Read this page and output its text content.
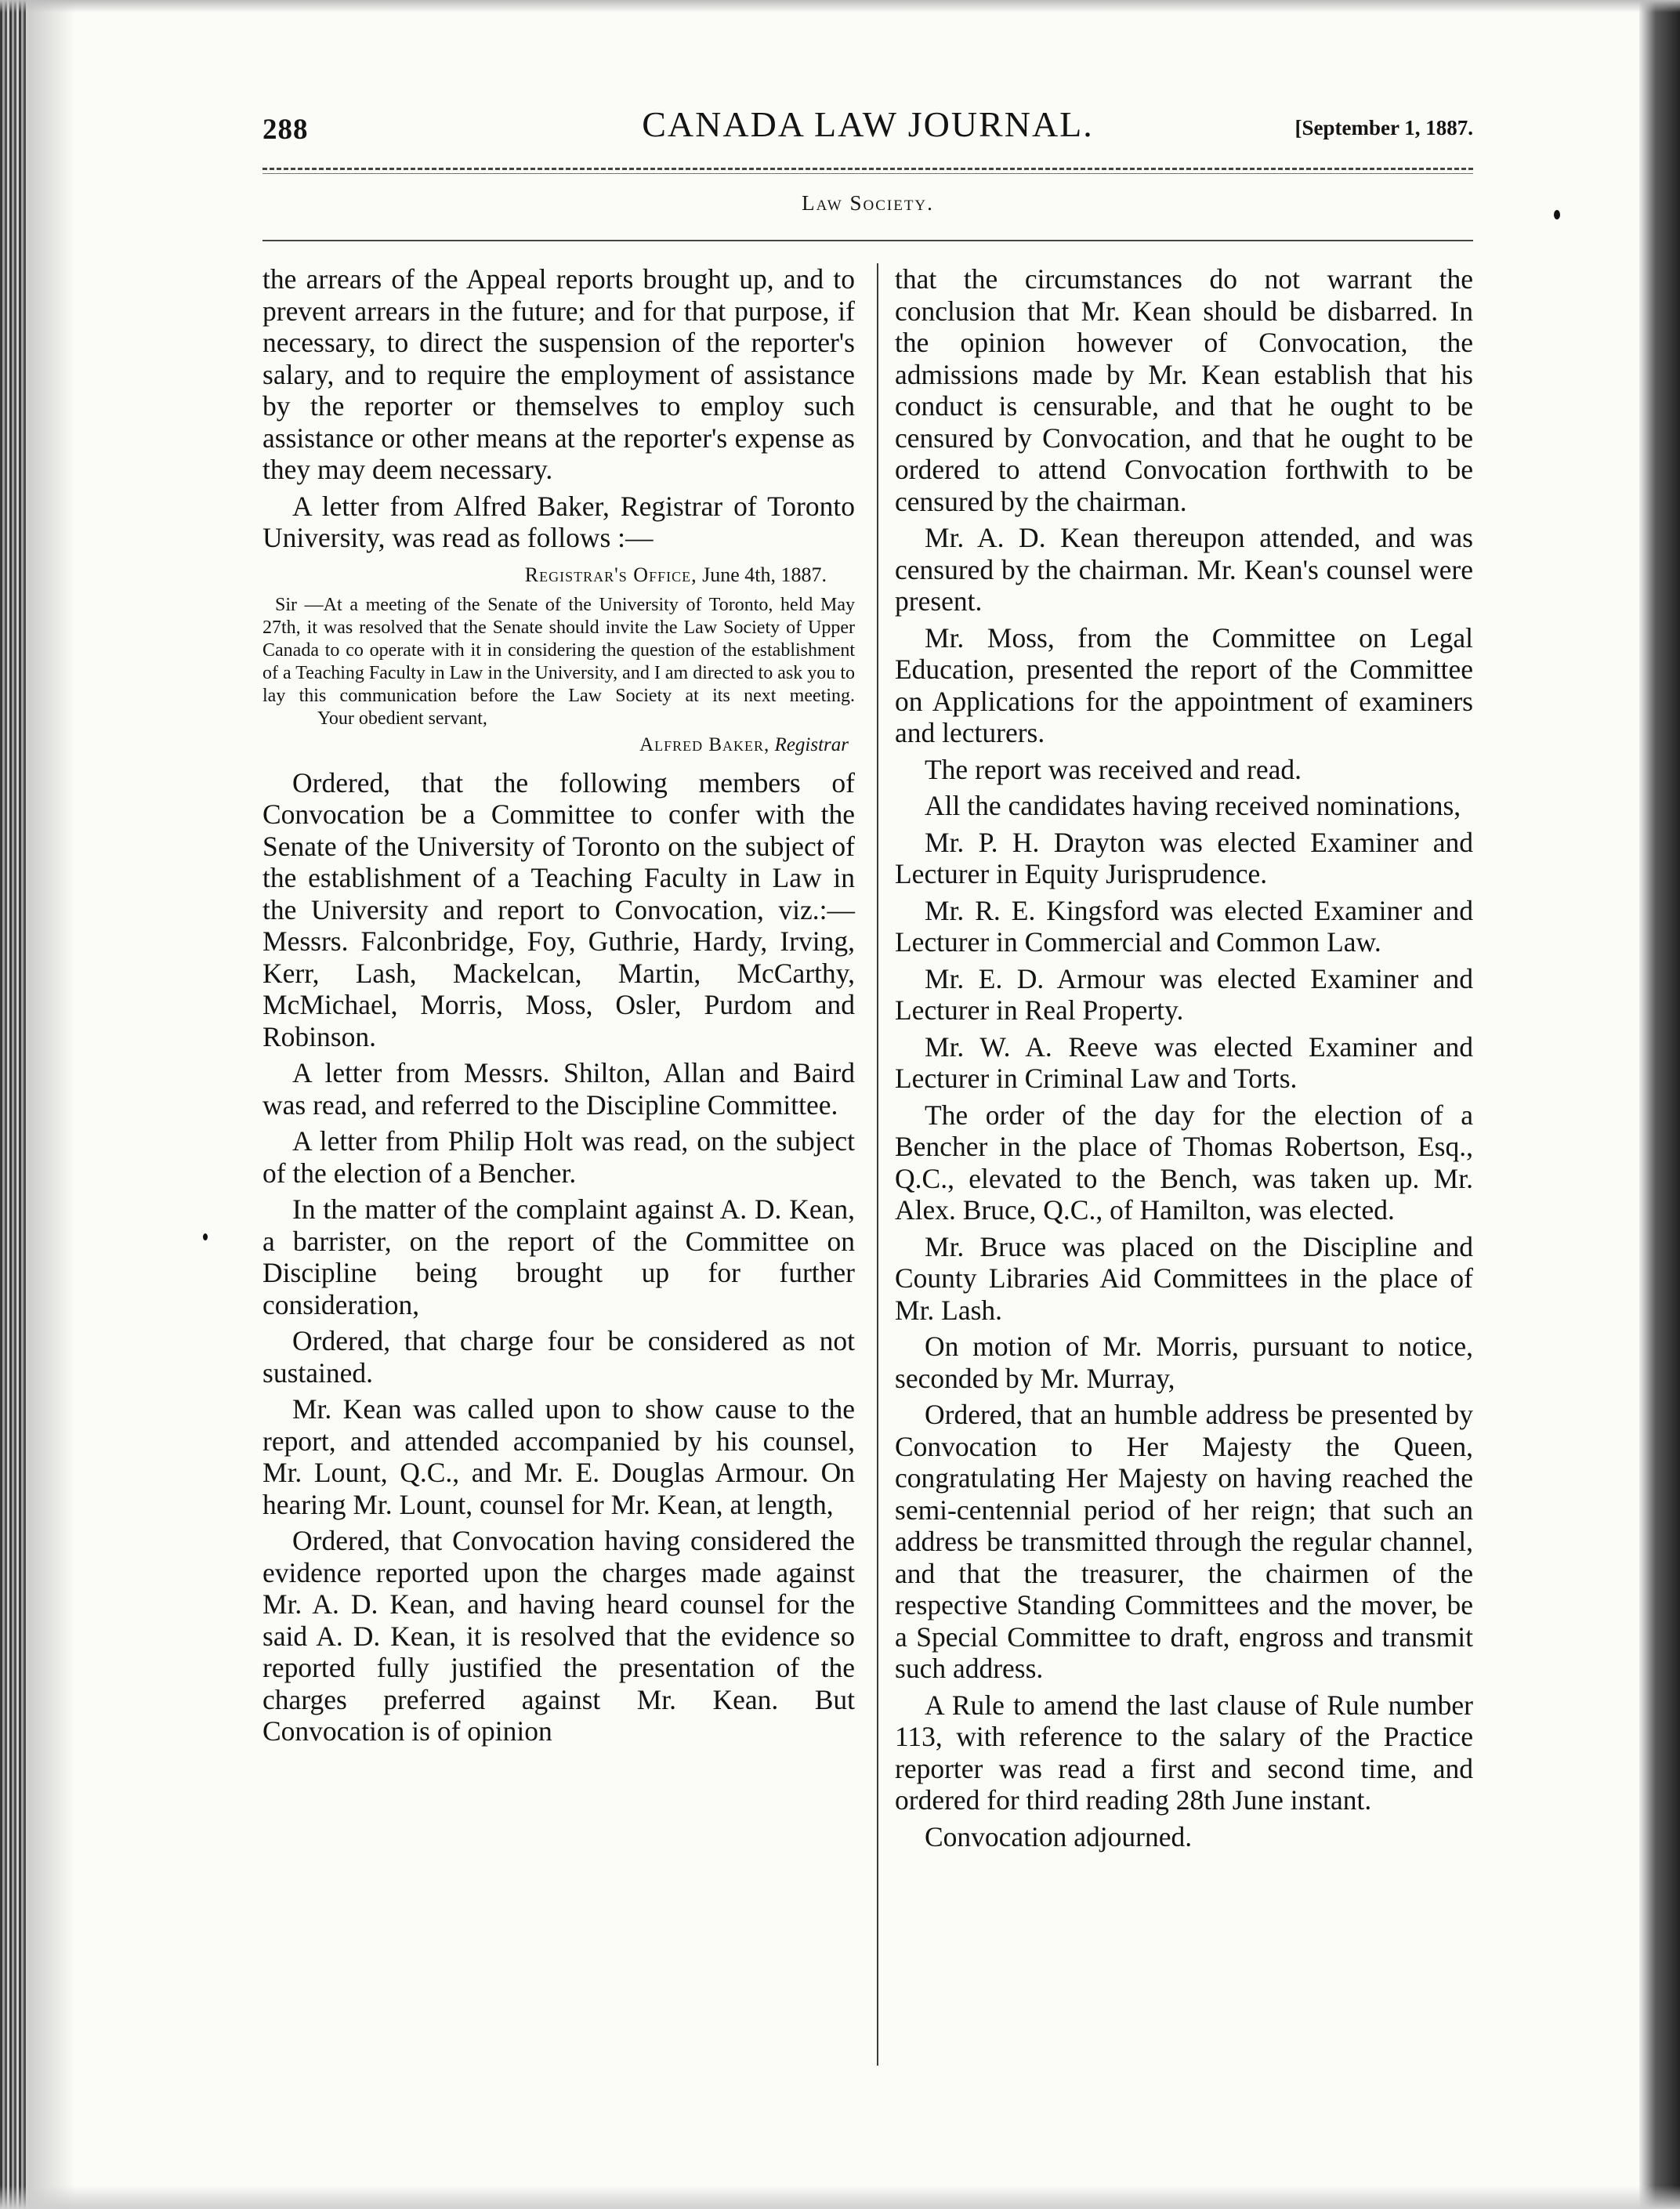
288	CANADA LAW JOURNAL.	[September 1, 1887.
Law Society.

the arrears of the Appeal reports brought up, and to prevent arrears in the future; and for that purpose, if necessary, to direct the suspension of the reporter's salary, and to require the employment of assistance by the reporter or themselves to employ such assistance or other means at the reporter's expense as they may deem necessary.

A letter from Alfred Baker, Registrar of Toronto University, was read as follows :—

Registrar's Office, June 4th, 1887.
Sir —At a meeting of the Senate of the University of Toronto, held May 27th, it was resolved that the Senate should invite the Law Society of Upper Canada to co operate with it in considering the question of the establishment of a Teaching Faculty in Law in the University, and I am directed to ask you to lay this communication before the Law Society at its next meeting. Your obedient servant,
Alfred Baker, Registrar

Ordered, that the following members of Convocation be a Committee to confer with the Senate of the University of Toronto on the subject of the establishment of a Teaching Faculty in Law in the University and report to Convocation, viz.:—Messrs. Falconbridge, Foy, Guthrie, Hardy, Irving, Kerr, Lash, Mackelcan, Martin, McCarthy, McMichael, Morris, Moss, Osler, Purdom and Robinson.

A letter from Messrs. Shilton, Allan and Baird was read, and referred to the Discipline Committee.

A letter from Philip Holt was read, on the subject of the election of a Bencher.

In the matter of the complaint against A. D. Kean, a barrister, on the report of the Committee on Discipline being brought up for further consideration,

Ordered, that charge four be considered as not sustained.

Mr. Kean was called upon to show cause to the report, and attended accompanied by his counsel, Mr. Lount, Q.C., and Mr. E. Douglas Armour. On hearing Mr. Lount, counsel for Mr. Kean, at length,

Ordered, that Convocation having considered the evidence reported upon the charges made against Mr. A. D. Kean, and having heard counsel for the said A. D. Kean, it is resolved that the evidence so reported fully justified the presentation of the charges preferred against Mr. Kean. But Convocation is of opinion

that the circumstances do not warrant the conclusion that Mr. Kean should be disbarred. In the opinion however of Convocation, the admissions made by Mr. Kean establish that his conduct is censurable, and that he ought to be censured by Convocation, and that he ought to be ordered to attend Convocation forthwith to be censured by the chairman.

Mr. A. D. Kean thereupon attended, and was censured by the chairman. Mr. Kean's counsel were present.

Mr. Moss, from the Committee on Legal Education, presented the report of the Committee on Applications for the appointment of examiners and lecturers.

The report was received and read.

All the candidates having received nominations,

Mr. P. H. Drayton was elected Examiner and Lecturer in Equity Jurisprudence.

Mr. R. E. Kingsford was elected Examiner and Lecturer in Commercial and Common Law.

Mr. E. D. Armour was elected Examiner and Lecturer in Real Property.

Mr. W. A. Reeve was elected Examiner and Lecturer in Criminal Law and Torts.

The order of the day for the election of a Bencher in the place of Thomas Robertson, Esq., Q.C., elevated to the Bench, was taken up. Mr. Alex. Bruce, Q.C., of Hamilton, was elected.

Mr. Bruce was placed on the Discipline and County Libraries Aid Committees in the place of Mr. Lash.

On motion of Mr. Morris, pursuant to notice, seconded by Mr. Murray,

Ordered, that an humble address be presented by Convocation to Her Majesty the Queen, congratulating Her Majesty on having reached the semi-centennial period of her reign; that such an address be transmitted through the regular channel, and that the treasurer, the chairmen of the respective Standing Committees and the mover, be a Special Committee to draft, engross and transmit such address.

A Rule to amend the last clause of Rule number 113, with reference to the salary of the Practice reporter was read a first and second time, and ordered for third reading 28th June instant.

Convocation adjourned.
